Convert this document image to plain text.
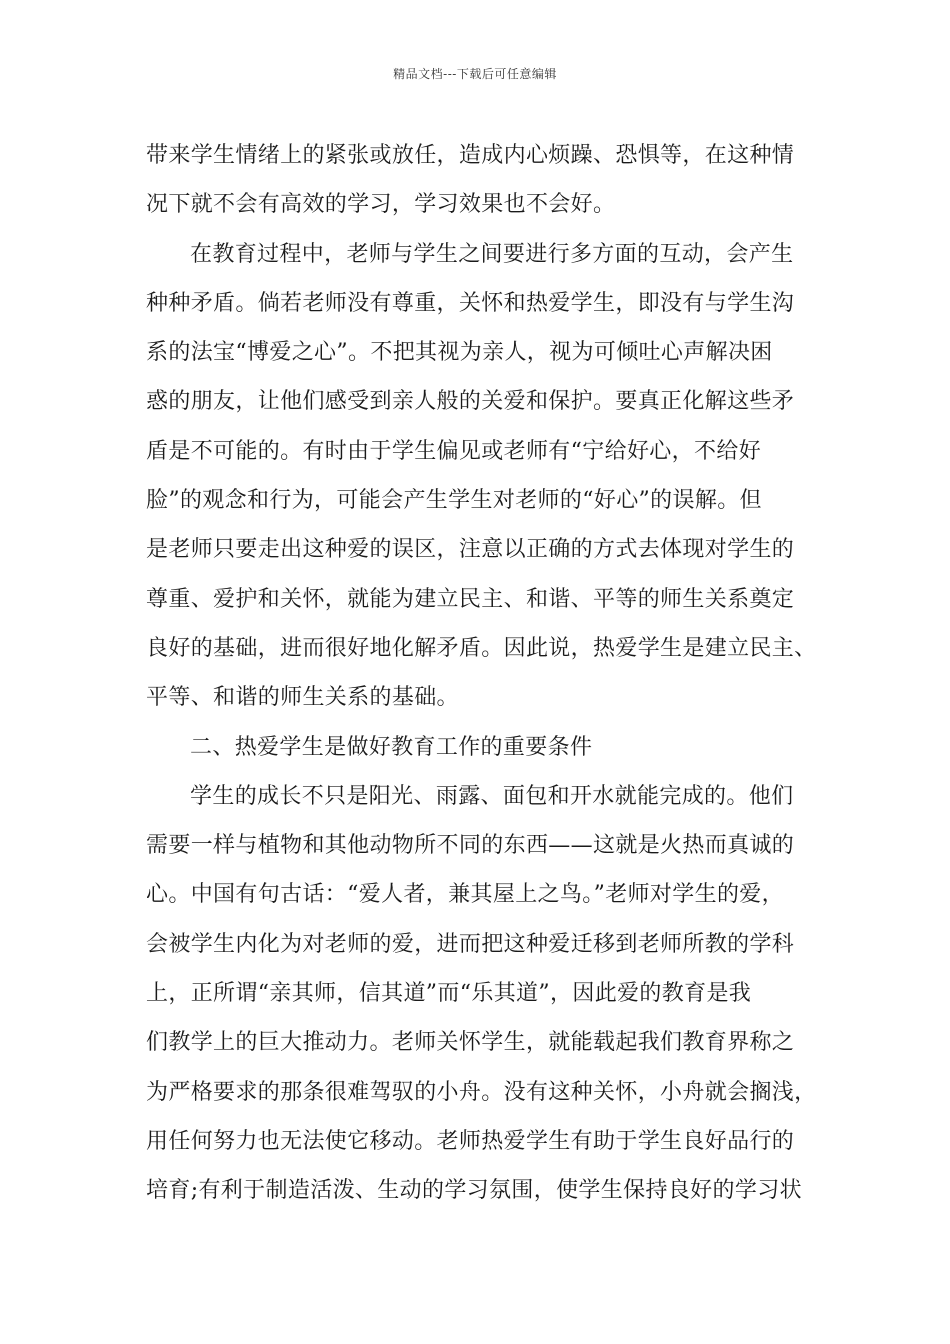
精品文档---下载后可任意编辑
带来学生情绪上的紧张或放任，造成内心烦躁、恐惧等，在这种情
况下就不会有高效的学习，学习效果也不会好。
在教育过程中，老师与学生之间要进行多方面的互动，会产生
种种矛盾。倘若老师没有尊重，关怀和热爱学生，即没有与学生沟
系的法宝“博爱之心”。不把其视为亲人，视为可倾吐心声解决困
惑的朋友，让他们感受到亲人般的关爱和保护。要真正化解这些矛
盾是不可能的。有时由于学生偏见或老师有“宁给好心，不给好
脸”的观念和行为，可能会产生学生对老师的“好心”的误解。但
是老师只要走出这种爱的误区，注意以正确的方式去体现对学生的
尊重、爱护和关怀，就能为建立民主、和谐、平等的师生关系奠定
良好的基础，进而很好地化解矛盾。因此说，热爱学生是建立民主、
平等、和谐的师生关系的基础。
二、热爱学生是做好教育工作的重要条件
学生的成长不只是阳光、雨露、面包和开水就能完成的。他们
需要一样与植物和其他动物所不同的东西——这就是火热而真诚的
心。中国有句古话：“爱人者，兼其屋上之鸟。”老师对学生的爱，
会被学生内化为对老师的爱，进而把这种爱迁移到老师所教的学科
上，正所谓“亲其师，信其道”而“乐其道”，因此爱的教育是我
们教学上的巨大推动力。老师关怀学生，就能载起我们教育界称之
为严格要求的那条很难驾驭的小舟。没有这种关怀，小舟就会搁浅，
用任何努力也无法使它移动。老师热爱学生有助于学生良好品行的
培育;有利于制造活泼、生动的学习氛围，使学生保持良好的学习状
